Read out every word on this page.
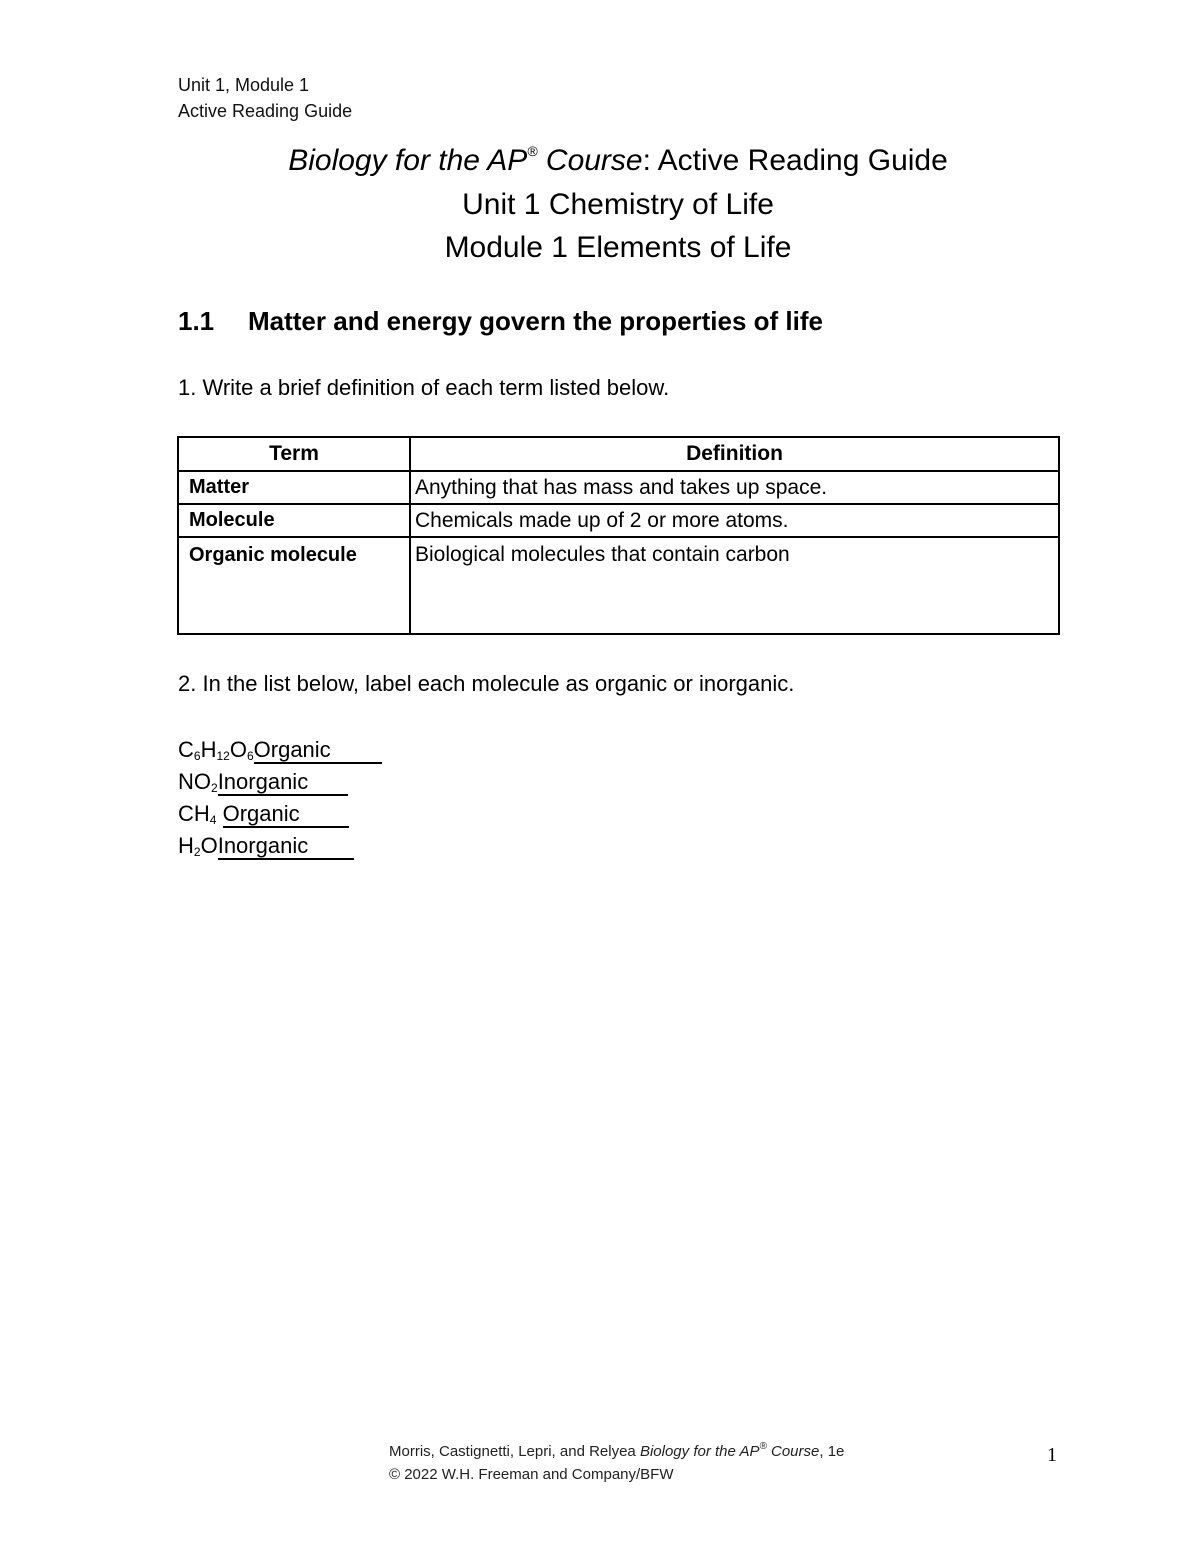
Unit 1, Module 1
Active Reading Guide
Biology for the AP® Course: Active Reading Guide
Unit 1 Chemistry of Life
Module 1 Elements of Life
1.1 Matter and energy govern the properties of life
1. Write a brief definition of each term listed below.
Term	Definition
Matter	Anything that has mass and takes up space.
Molecule	Chemicals made up of 2 or more atoms.
Organic molecule	Biological molecules that contain carbon
2. In the list below, label each molecule as organic or inorganic.
$C_6H_{12}O_6Organic$
$NO_2Inorganic$
$CH_4$ Organic
$H_2OInorganic$
Morris, Castignetti, Lepri, and Relyea Biology for the AP® Course, 1e
© 2022 W.H. Freeman and Company/BFW
1
